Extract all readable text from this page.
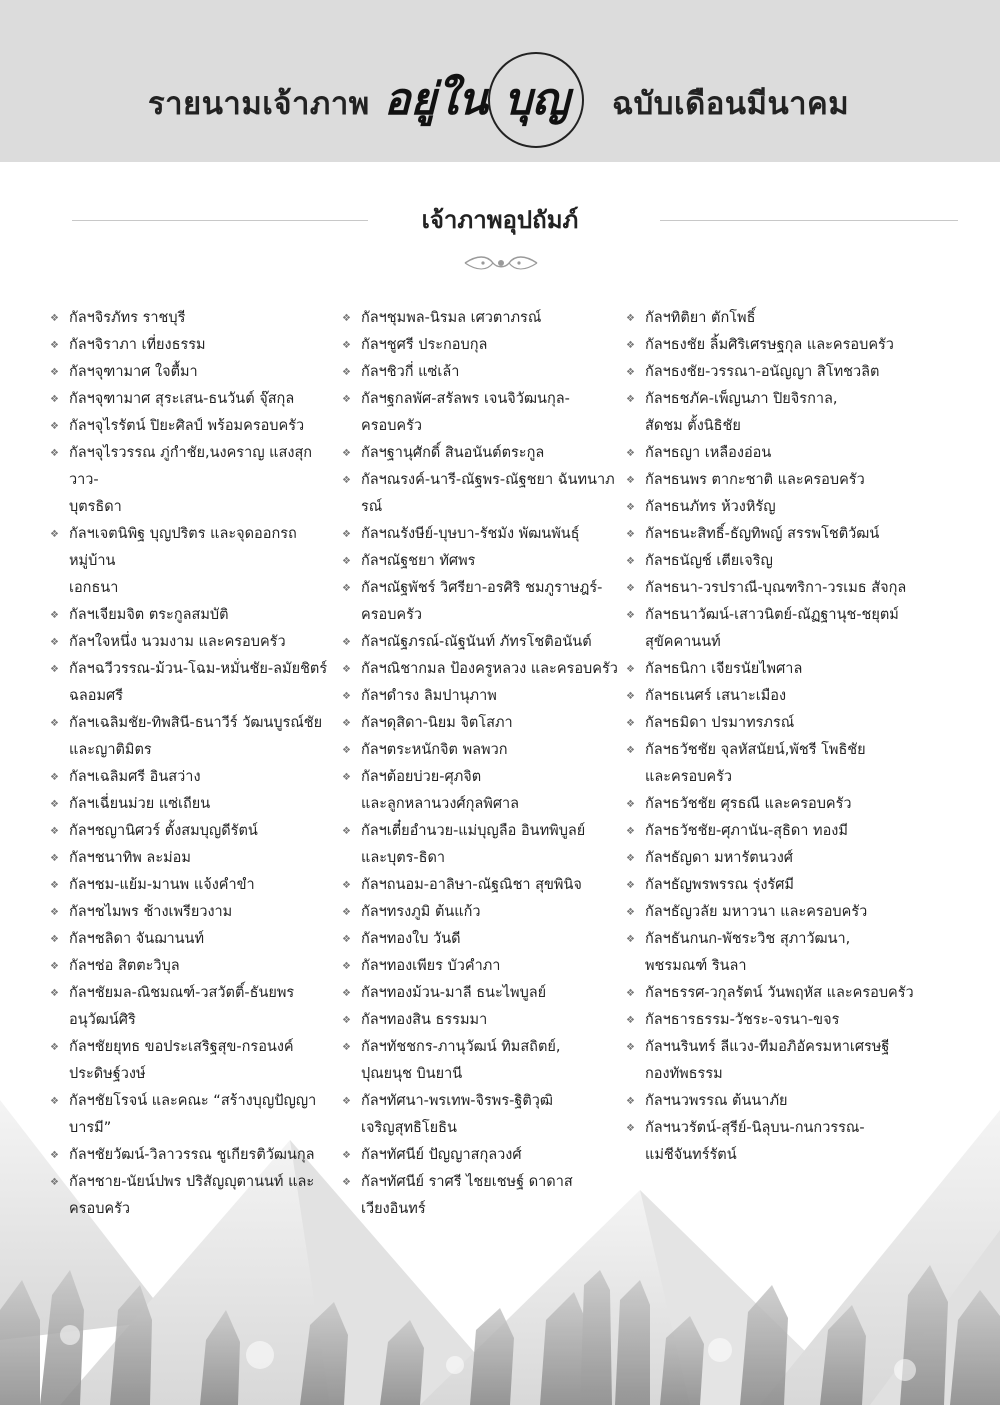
รายนามเจ้าภาพ อยู่ใน บุญ ฉบับเดือนมีนาคม
เจ้าภาพอุปถัมภ์
❖ กัลฯจิรภัทร ราชบุรี
❖ กัลฯจิราภา เที่ยงธรรม
❖ กัลฯจุฑามาศ ใจตื้มา
❖ กัลฯจุฑามาศ สุระเสน-ธนวันต์ จุ๊สกุล
❖ กัลฯจุไรรัตน์ ปิยะศิลป์ พร้อมครอบครัว
❖ กัลฯจุไรวรรณ ภู่กำชัย,นงคราญ แสงสุกวาว-
บุตรธิดา
❖ กัลฯเจตนิพิฐ บุญปริตร และจุดออกรถหมู่บ้าน
เอกธนา
❖ กัลฯเจียมจิต ตระกูลสมบัติ
❖ กัลฯใจหนึ่ง นวมงาม และครอบครัว
❖ กัลฯฉวีวรรณ-ม้วน-โฉม-หมั่นชัย-ลมัยชิตร์
ฉลอมศรี
❖ กัลฯเฉลิมชัย-ทิพสินี-ธนาวีร์ วัฒนบูรณ์ชัย
และญาติมิตร
❖ กัลฯเฉลิมศรี อินสว่าง
❖ กัลฯเฉี่ยนม่วย แซ่เถียน
❖ กัลฯชญานิศวร์ ตั้งสมบุญดีรัตน์
❖ กัลฯชนาทิพ ละม่อม
❖ กัลฯชม-แย้ม-มานพ แจ้งคำขำ
❖ กัลฯชไมพร ช้างเพรียวงาม
❖ กัลฯชลิดา จันฌานนท์
❖ กัลฯช่อ สิตตะวิบุล
❖ กัลฯชัยมล-ณิชมณฑ์-วสวัตติ์-ธันยพร
อนุวัฒน์ศิริ
❖ กัลฯชัยยุทธ ขอประเสริฐสุข-กรอนงค์
ประดิษฐ์วงษ์
❖ กัลฯชัยโรจน์ และคณะ “สร้างบุญปัญญา
บารมี”
❖ กัลฯชัยวัฒน์-วิลาวรรณ ชูเกียรติวัฒนกุล
❖ กัลฯชาย-นัยน์ปพร ปริสัญญุตานนท์ และ
ครอบครัว
❖ กัลฯชุมพล-นิรมล เศวตาภรณ์
❖ กัลฯชูศรี ประกอบกุล
❖ กัลฯชิวกี่ แซ่เล้า
❖ กัลฯฐกลพัศ-สรัลพร เจนจิวัฒนกุล-ครอบครัว
❖ กัลฯฐานุศักดิ์ สินอนันต์ตระกูล
❖ กัลฯณรงค์-นารี-ณัฐพร-ณัฐชยา ฉันทนาภรณ์
❖ กัลฯณรังษีย์-บุษบา-รัชมัง พัฒนพันธุ์
❖ กัลฯณัฐชยา ทัศพร
❖ กัลฯณัฐพัชร์ วิศรียา-อรศิริ ชมภูราษฎร์-
ครอบครัว
❖ กัลฯณัฐภรณ์-ณัฐนันท์ ภัทรโชติอนันต์
❖ กัลฯณิชากมล ป้องครูหลวง และครอบครัว
❖ กัลฯดำรง ลิมปานุภาพ
❖ กัลฯดุสิดา-นิยม จิตโสภา
❖ กัลฯตระหนักจิต พลพวก
❖ กัลฯต้อยบ่วย-ศุภจิต
และลูกหลานวงศ์กุลพิศาล
❖ กัลฯเตี๋ยอำนวย-แม่บุญลือ อินทพิบูลย์
และบุตร-ธิดา
❖ กัลฯถนอม-อาลิษา-ณัฐณิชา สุขพินิจ
❖ กัลฯทรงภูมิ ต้นแก้ว
❖ กัลฯทองใบ วันดี
❖ กัลฯทองเพียร บัวคำภา
❖ กัลฯทองม้วน-มาลี ธนะไพบูลย์
❖ กัลฯทองสิน ธรรมมา
❖ กัลฯทัชชกร-ภานุวัฒน์ ทิมสถิตย์,
ปุณยนุช บินยานี
❖ กัลฯทัศนา-พรเทพ-จิรพร-ฐิติวุฒิ
เจริญสุทธิโยธิน
❖ กัลฯทัศนีย์ ปัญญาสกุลวงศ์
❖ กัลฯทัศนีย์ ราศรี ไชยเชษฐ์ ดาดาส
เวียงอินทร์
❖ กัลฯทิติยา ตักโพธิ์
❖ กัลฯธงชัย ลิ้มศิริเศรษฐกุล และครอบครัว
❖ กัลฯธงชัย-วรรณา-อนัญญา สิโทชวลิต
❖ กัลฯธชภัค-เพ็ญนภา ปิยจิรกาล,
สัดชม ตั้งนิธิชัย
❖ กัลฯธญา เหลืองอ่อน
❖ กัลฯธนพร ตากะชาติ และครอบครัว
❖ กัลฯธนภัทร ห้วงหิรัญ
❖ กัลฯธนะสิทธิ์-ธัญทิพญ์ สรรพโชติวัฒน์
❖ กัลฯธนัญช์ เตียเจริญ
❖ กัลฯธนา-วรปราณี-บุณฑริกา-วรเมธ สัจกุล
❖ กัลฯธนาวัฒน์-เสาวนิตย์-ณัฏฐานุช-ชยุตม์
สุขัคคานนท์
❖ กัลฯธนิกา เจียรนัยไพศาล
❖ กัลฯธเนศร์ เสนาะเมือง
❖ กัลฯธมิดา ปรมาทรภรณ์
❖ กัลฯธวัชชัย จุลหัสนัยน์,พัชรี โพธิชัย
และครอบครัว
❖ กัลฯธวัชชัย ศุรธณี และครอบครัว
❖ กัลฯธวัชชัย-ศุภานัน-สุธิดา ทองมี
❖ กัลฯธัญดา มหารัตนวงศ์
❖ กัลฯธัญพรพรรณ รุ่งรัศมี
❖ กัลฯธัญวลัย มหาวนา และครอบครัว
❖ กัลฯธันกนก-พัชระวิช สุภาวัฒนา,
พชรมณฑ์ รินลา
❖ กัลฯธรรศ-วกุลรัตน์ วันพฤหัส และครอบครัว
❖ กัลฯธารธรรม-วัชระ-จรนา-ขจร
❖ กัลฯนรินทร์ ลีแวง-ทีมอภิอัครมหาเศรษฐี
กองทัพธรรม
❖ กัลฯนวพรรณ ต้นนาภัย
❖ กัลฯนวรัตน์-สุรีย์-นิลุบน-กนกวรรณ-
แม่ชีจันทร์รัตน์
